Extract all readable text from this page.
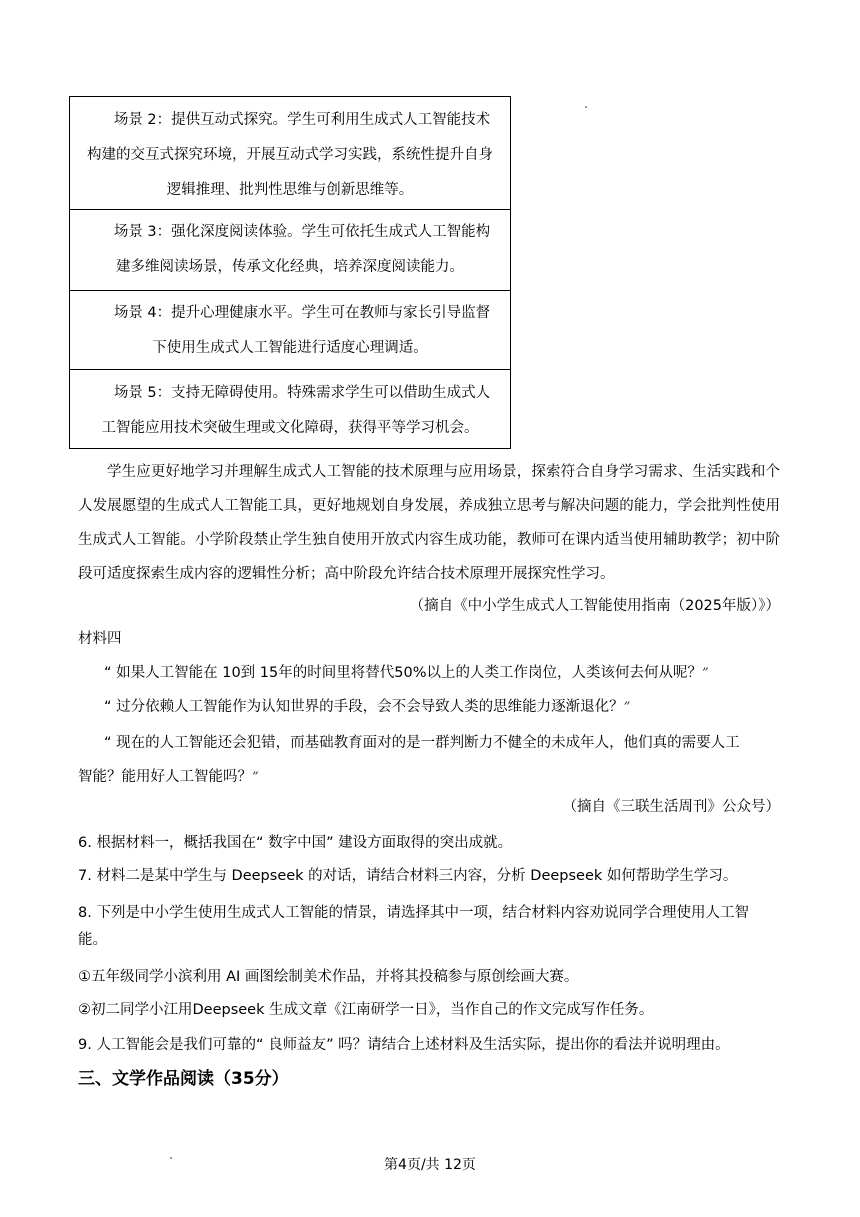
场景 2：提供互动式探究。学生可利用生成式人工智能技术
构建的交互式探究环境，开展互动式学习实践，系统性提升自身
逻辑推理、批判性思维与创新思维等。
场景 3：强化深度阅读体验。学生可依托生成式人工智能构
建多维阅读场景，传承文化经典，培养深度阅读能力。
场景 4：提升心理健康水平。学生可在教师与家长引导监督
下使用生成式人工智能进行适度心理调适。
场景 5：支持无障碍使用。特殊需求学生可以借助生成式人
工智能应用技术突破生理或文化障碍，获得平等学习机会。
学生应更好地学习并理解生成式人工智能的技术原理与应用场景，探索符合自身学习需求、生活实践和个人发展愿望的生成式人工智能工具，更好地规划自身发展，养成独立思考与解决问题的能力，学会批判性使用生成式人工智能。小学阶段禁止学生独自使用开放式内容生成功能，教师可在课内适当使用辅助教学；初中阶段可适度探索生成内容的逻辑性分析；高中阶段允许结合技术原理开展探究性学习。
（摘自《中小学生成式人工智能使用指南（2025年版）》）
材料四
“ 如果人工智能在 10到 15年的时间里将替代50%以上的人类工作岗位，人类该何去何从呢？”
“ 过分依赖人工智能作为认知世界的手段，会不会导致人类的思维能力逐渐退化？”
“ 现在的人工智能还会犯错，而基础教育面对的是一群判断力不健全的未成年人，他们真的需要人工
智能？能用好人工智能吗？”
（摘自《三联生活周刊》公众号）
6. 根据材料一，概括我国在“ 数字中国” 建设方面取得的突出成就。
7. 材料二是某中学生与 Deepseek 的对话，请结合材料三内容，分析 Deepseek 如何帮助学生学习。
8. 下列是中小学生使用生成式人工智能的情景，请选择其中一项，结合材料内容劝说同学合理使用人工智
能。
①五年级同学小滨利用 AI 画图绘制美术作品，并将其投稿参与原创绘画大赛。
②初二同学小江用Deepseek 生成文章《江南研学一日》，当作自己的作文完成写作任务。
9. 人工智能会是我们可靠的“ 良师益友” 吗？请结合上述材料及生活实际，提出你的看法并说明理由。
三、文学作品阅读（35分）
第4页/共 12页
